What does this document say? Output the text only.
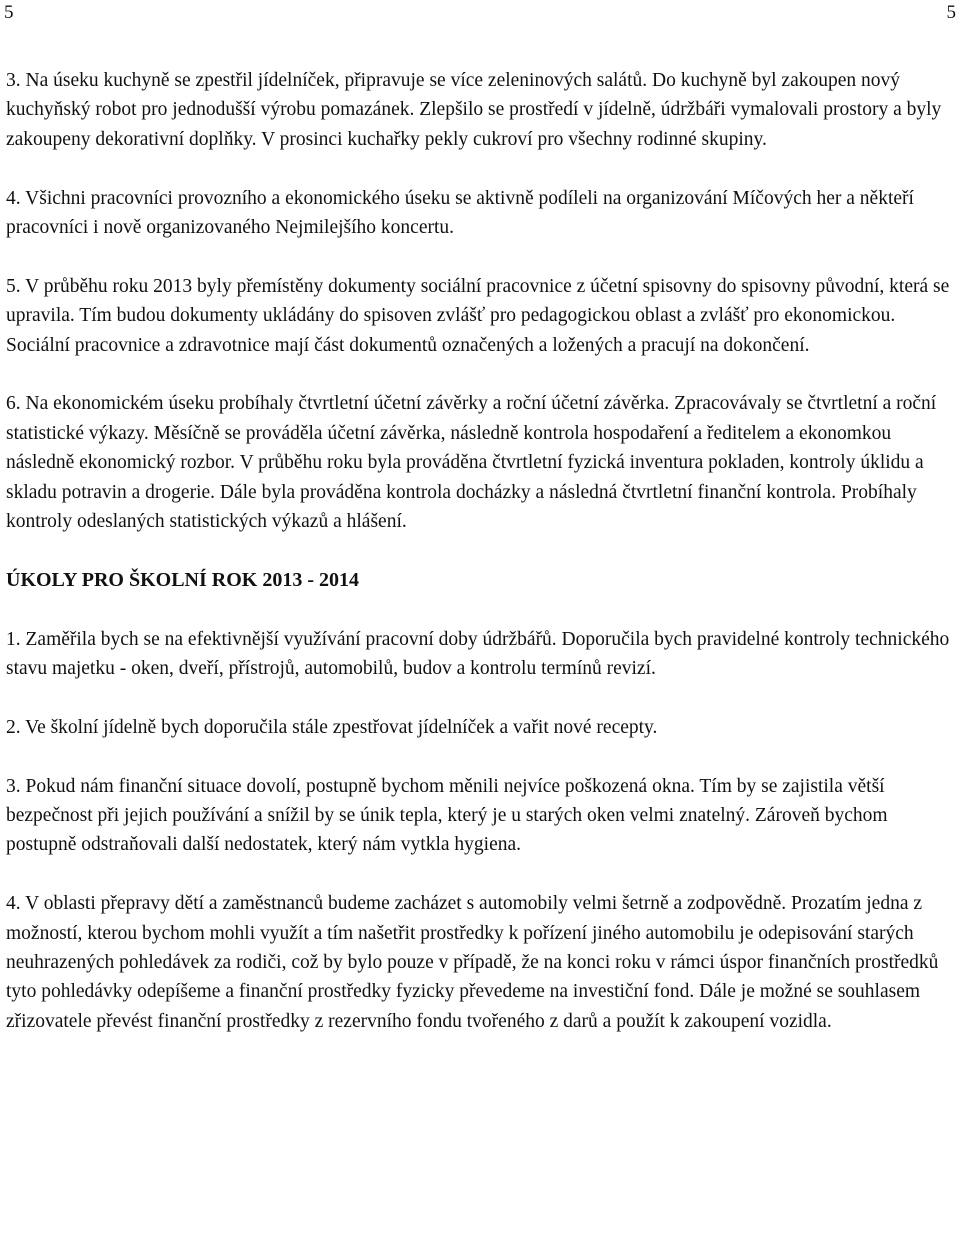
5	5

3. Na úseku kuchyně se zpestřil jídelníček, připravuje se více zeleninových salátů. Do kuchyně byl zakoupen nový kuchyňský robot pro jednodušší výrobu pomazánek. Zlepšilo se prostředí v jídelně, údržbáři vymalovali prostory a byly zakoupeny dekorativní doplňky. V prosinci kuchařky pekly cukroví pro všechny rodinné skupiny.

4. Všichni pracovníci provozního a ekonomického úseku se aktivně podíleli na organizování Míčových her a někteří pracovníci i nově organizovaného Nejmilejšího koncertu.

5. V průběhu roku 2013 byly přemístěny dokumenty sociální pracovnice z účetní spisovny do spisovny původní, která se upravila. Tím budou dokumenty ukládány do spisoven zvlášť pro pedagogickou oblast a zvlášť pro ekonomickou. Sociální pracovnice a zdravotnice mají část dokumentů označených a ložených a pracují na dokončení.

6. Na ekonomickém úseku probíhaly čtvrtletní účetní závěrky a roční účetní závěrka. Zpracovávaly se čtvrtletní a roční statistické výkazy. Měsíčně se prováděla účetní závěrka, následně kontrola hospodaření a ředitelem a ekonomkou následně ekonomický rozbor. V průběhu roku byla prováděna čtvrtletní fyzická inventura pokladen, kontroly úklidu a skladu potravin a drogerie. Dále byla prováděna kontrola docházky a následná čtvrtletní finanční kontrola. Probíhaly kontroly odeslaných statistických výkazů a hlášení.

ÚKOLY PRO ŠKOLNÍ ROK 2013 - 2014

1. Zaměřila bych se na efektivnější využívání pracovní doby údržbářů. Doporučila bych pravidelné kontroly technického stavu majetku - oken, dveří, přístrojů, automobilů, budov a kontrolu termínů revizí.

2. Ve školní jídelně bych doporučila stále zpestřovat jídelníček a vařit nové recepty.

3. Pokud nám finanční situace dovolí, postupně bychom měnili nejvíce poškozená okna. Tím by se zajistila větší bezpečnost při jejich používání a snížil by se únik tepla, který je u starých oken velmi znatelný. Zároveň bychom postupně odstraňovali další nedostatek, který nám vytkla hygiena.

4. V oblasti přepravy dětí a zaměstnanců budeme zacházet s automobily velmi šetrně a zodpovědně. Prozatím jedna z možností, kterou bychom mohli využít a tím našetřit prostředky k pořízení jiného automobilu je odepisování starých neuhrazených pohledávek za rodiči, což by bylo pouze v případě, že na konci roku v rámci úspor finančních prostředků tyto pohledávky odepíšeme a finanční prostředky fyzicky převedeme na investiční fond. Dále je možné se souhlasem zřizovatele převést finanční prostředky z rezervního fondu tvořeného z darů a použít k zakoupení vozidla.
